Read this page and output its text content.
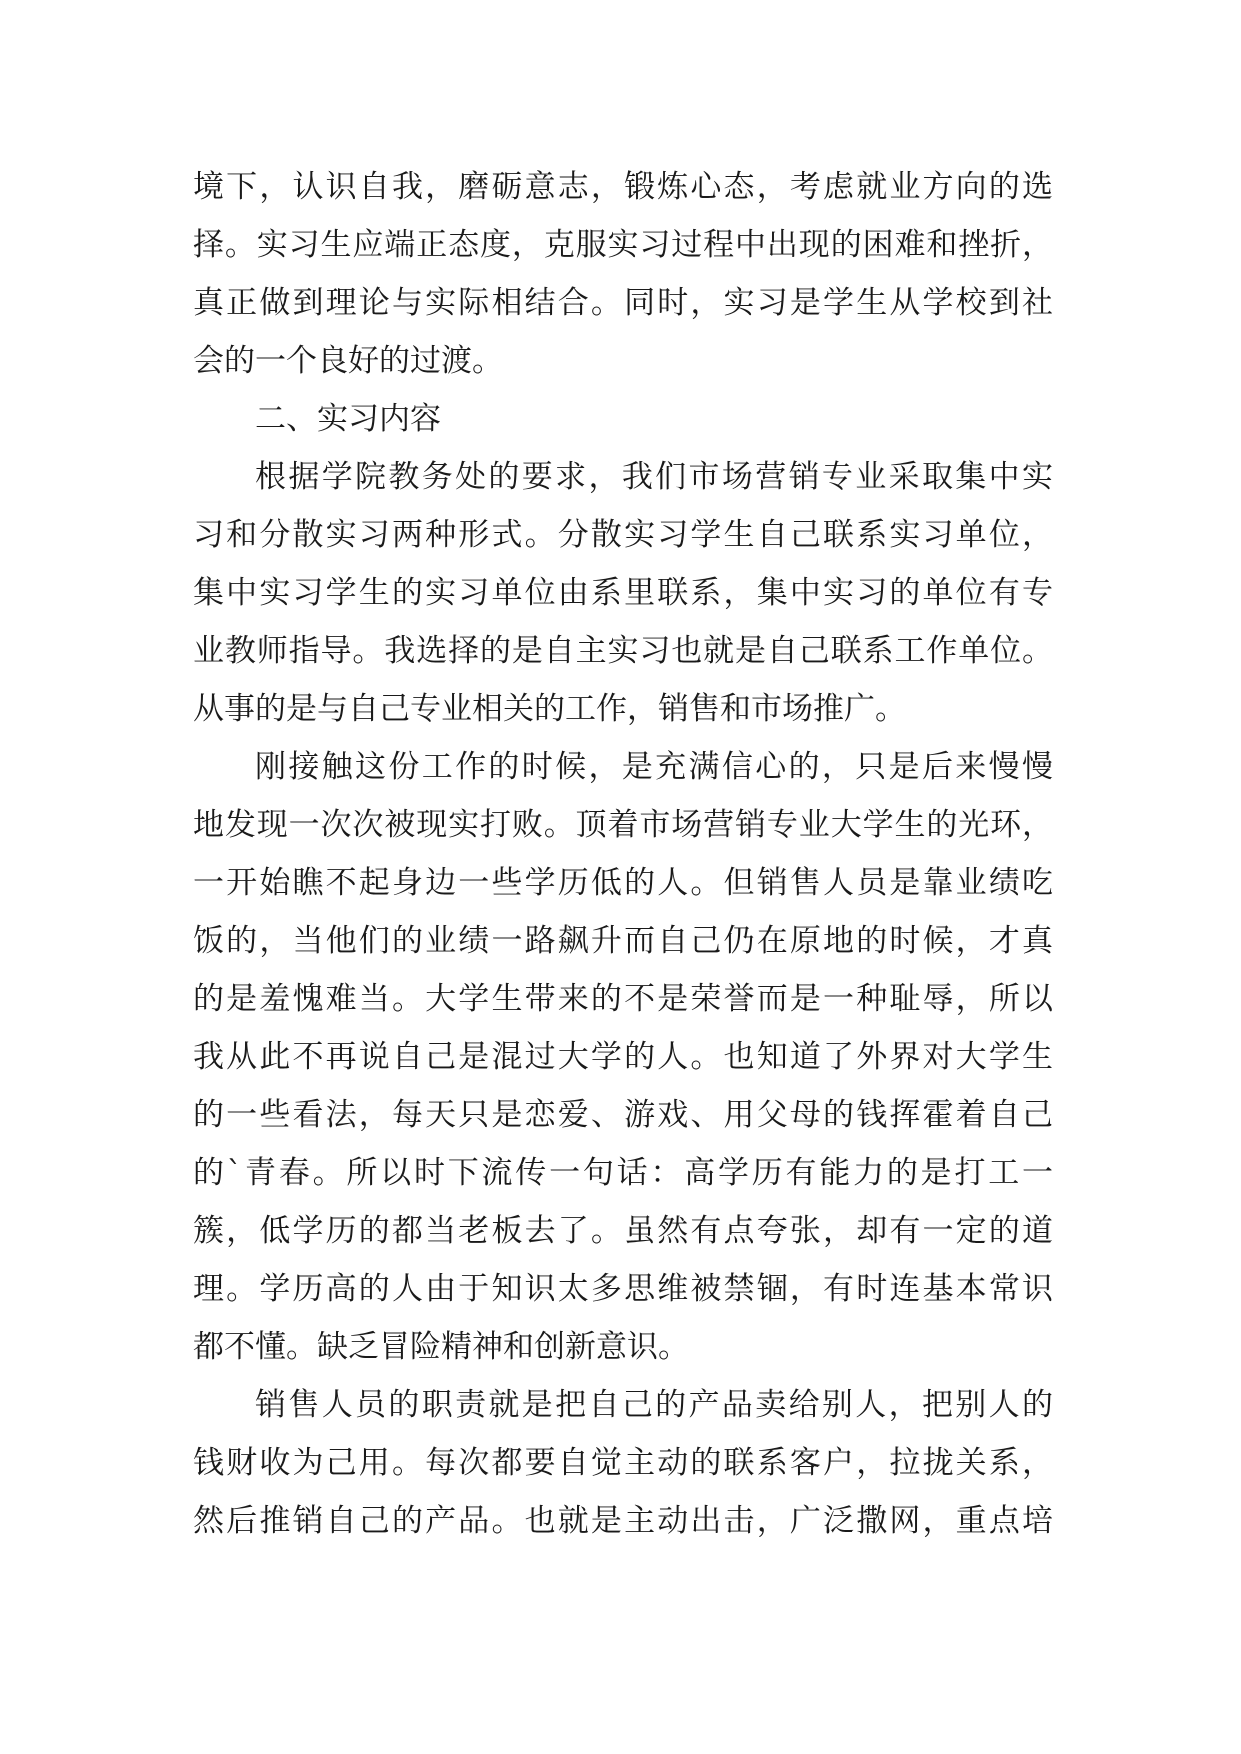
境下，认识自我，磨砺意志，锻炼心态，考虑就业方向的选
择。实习生应端正态度，克服实习过程中出现的困难和挫折，
真正做到理论与实际相结合。同时，实习是学生从学校到社
会的一个良好的过渡。
二、实习内容
根据学院教务处的要求，我们市场营销专业采取集中实
习和分散实习两种形式。分散实习学生自己联系实习单位，
集中实习学生的实习单位由系里联系，集中实习的单位有专
业教师指导。我选择的是自主实习也就是自己联系工作单位。
从事的是与自己专业相关的工作，销售和市场推广。
刚接触这份工作的时候，是充满信心的，只是后来慢慢
地发现一次次被现实打败。顶着市场营销专业大学生的光环，
一开始瞧不起身边一些学历低的人。但销售人员是靠业绩吃
饭的，当他们的业绩一路飙升而自己仍在原地的时候，才真
的是羞愧难当。大学生带来的不是荣誉而是一种耻辱，所以
我从此不再说自己是混过大学的人。也知道了外界对大学生
的一些看法，每天只是恋爱、游戏、用父母的钱挥霍着自己
的`青春。所以时下流传一句话：高学历有能力的是打工一
簇，低学历的都当老板去了。虽然有点夸张，却有一定的道
理。学历高的人由于知识太多思维被禁锢，有时连基本常识
都不懂。缺乏冒险精神和创新意识。
销售人员的职责就是把自己的产品卖给别人，把别人的
钱财收为己用。每次都要自觉主动的联系客户，拉拢关系，
然后推销自己的产品。也就是主动出击，广泛撒网，重点培
